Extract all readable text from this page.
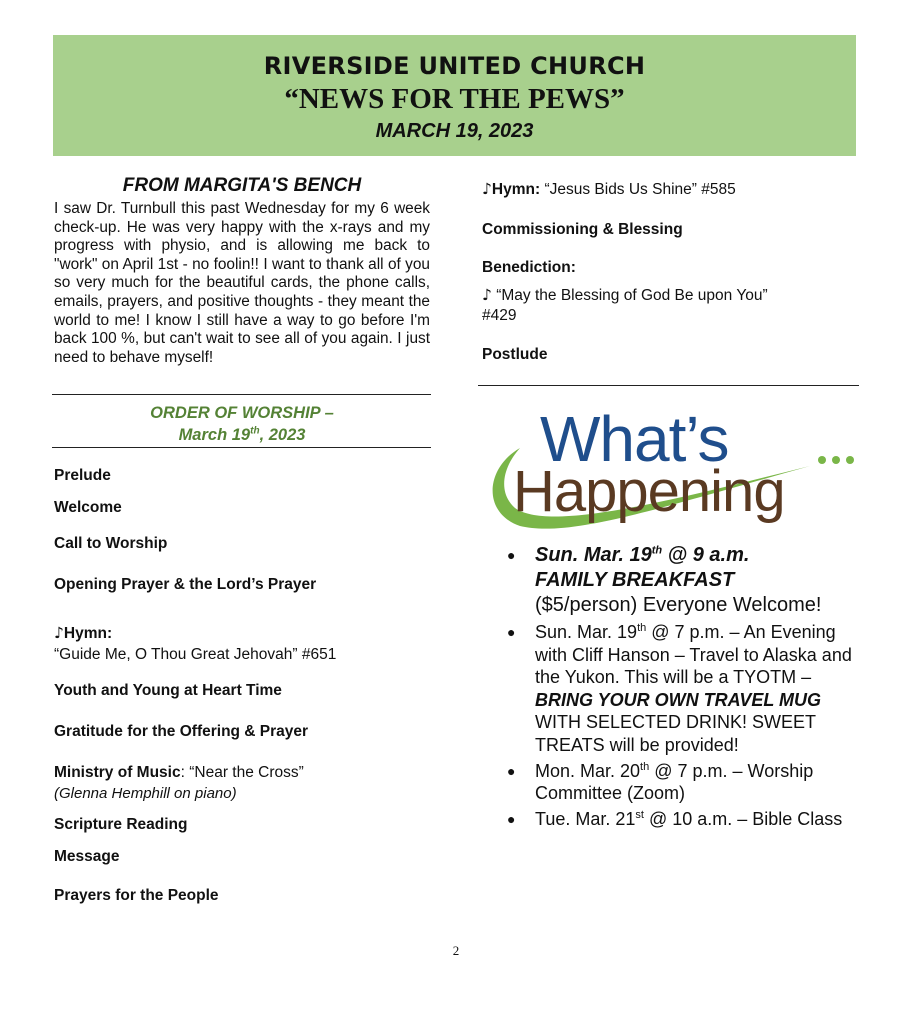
RIVERSIDE UNITED CHURCH
“NEWS FOR THE PEWS”
MARCH 19, 2023
FROM MARGITA'S BENCH
I saw Dr. Turnbull this past Wednesday for my 6 week check-up. He was very happy with the x-rays and my progress with physio, and is allowing me back to "work" on April 1st - no foolin!! I want to thank all of you so very much for the beautiful cards, the phone calls, emails, prayers, and positive thoughts - they meant the world to me! I know I still have a way to go before I'm back 100 %, but can't wait to see all of you again. I just need to behave myself!
ORDER OF WORSHIP –
March 19th, 2023
Prelude
Welcome
Call to Worship
Opening Prayer & the Lord’s Prayer
♪Hymn:
“Guide Me, O Thou Great Jehovah” #651
Youth and Young at Heart Time
Gratitude for the Offering & Prayer
Ministry of Music: “Near the Cross”
(Glenna Hemphill on piano)
Scripture Reading
Message
Prayers for the People
♪Hymn: “Jesus Bids Us Shine” #585
Commissioning & Blessing
Benediction:
♪ “May the Blessing of God Be upon You”
#429
Postlude
What’s
Happening
● Sun. Mar. 19th @ 9 a.m.
FAMILY BREAKFAST
($5/person) Everyone Welcome!
● Sun. Mar. 19th @ 7 p.m. – An Evening with Cliff Hanson – Travel to Alaska and the Yukon. This will be a TYOTM – BRING YOUR OWN TRAVEL MUG WITH SELECTED DRINK! SWEET TREATS will be provided!
● Mon. Mar. 20th @ 7 p.m. – Worship Committee (Zoom)
● Tue. Mar. 21st @ 10 a.m. – Bible Class
2
